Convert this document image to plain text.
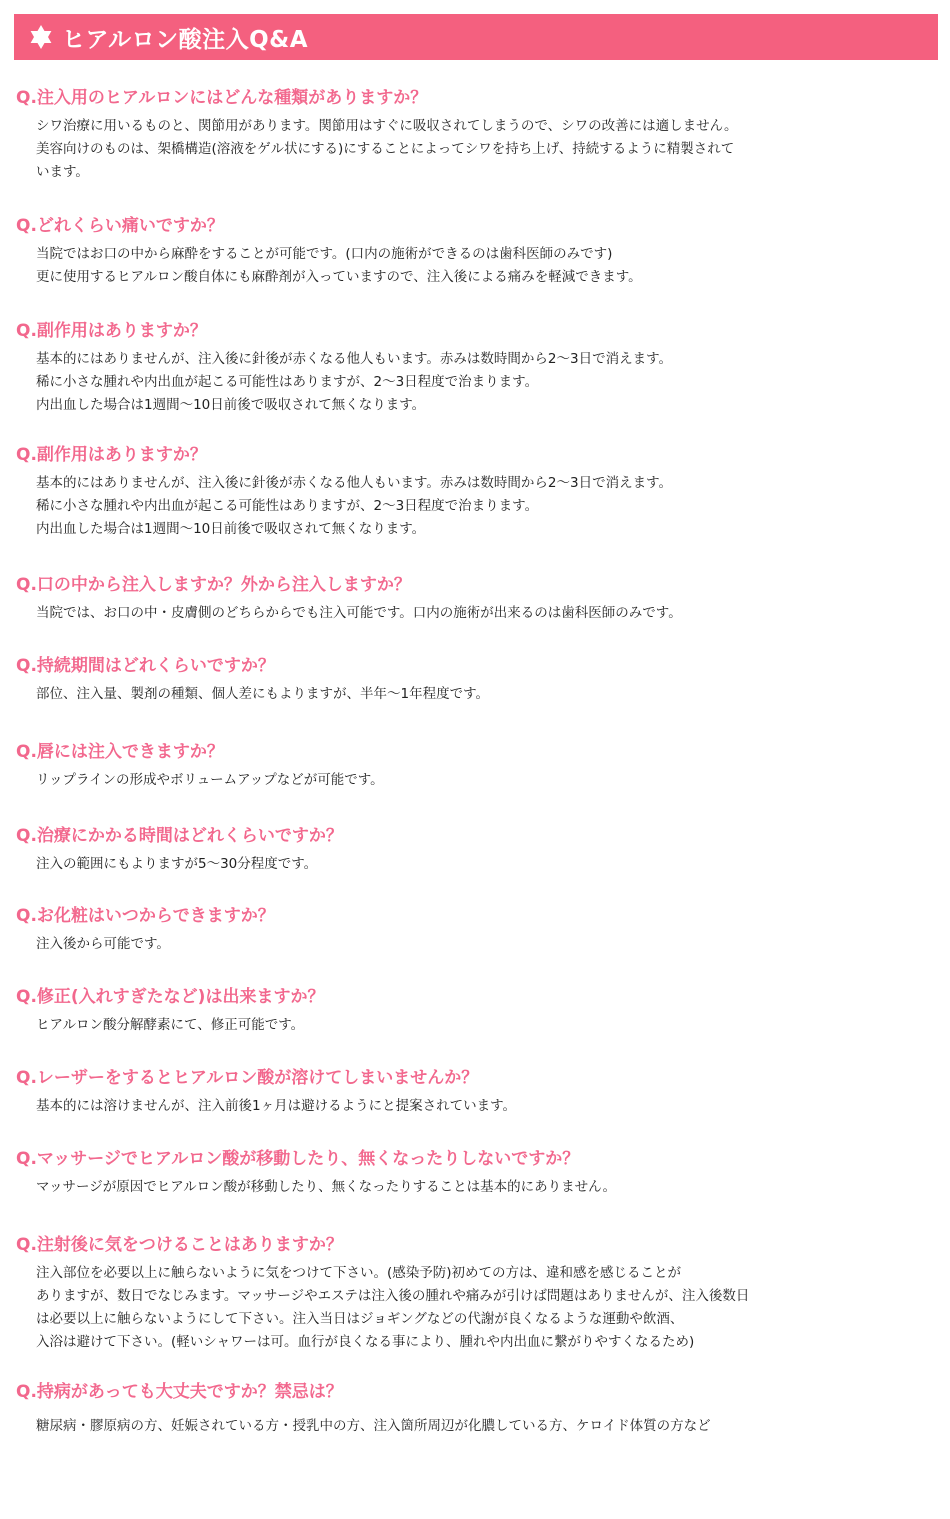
ヒアルロン酸注入Q&A
Q.注入用のヒアルロンにはどんな種類がありますか？

シワ治療に用いるものと、関節用があります。関節用はすぐに吸収されてしまうので、シワの改善には適しません。

美容向けのものは、架橋構造(溶液をゲル状にする)にすることによってシワを持ち上げ、持続するように精製されて

います。

Q.どれくらい痛いですか？

当院ではお口の中から麻酔をすることが可能です。(口内の施術ができるのは歯科医師のみです)

更に使用するヒアルロン酸自体にも麻酔剤が入っていますので、注入後による痛みを軽減できます。

Q.副作用はありますか？

基本的にはありませんが、注入後に針後が赤くなる他人もいます。赤みは数時間から2〜3日で消えます。

稀に小さな腫れや内出血が起こる可能性はありますが、2〜3日程度で治まります。

内出血した場合は1週間〜10日前後で吸収されて無くなります。

Q.副作用はありますか？

基本的にはありませんが、注入後に針後が赤くなる他人もいます。赤みは数時間から2〜3日で消えます。

稀に小さな腫れや内出血が起こる可能性はありますが、2〜3日程度で治まります。

内出血した場合は1週間〜10日前後で吸収されて無くなります。

Q.口の中から注入しますか？外から注入しますか？

当院では、お口の中・皮膚側のどちらからでも注入可能です。口内の施術が出来るのは歯科医師のみです。

Q.持続期間はどれくらいですか？

部位、注入量、製剤の種類、個人差にもよりますが、半年〜1年程度です。

Q.唇には注入できますか？

リップラインの形成やボリュームアップなどが可能です。

Q.治療にかかる時間はどれくらいですか？

注入の範囲にもよりますが5〜30分程度です。

Q.お化粧はいつからできますか？

注入後から可能です。

Q.修正(入れすぎたなど)は出来ますか？

ヒアルロン酸分解酵素にて、修正可能です。

Q.レーザーをするとヒアルロン酸が溶けてしまいませんか？

基本的には溶けませんが、注入前後1ヶ月は避けるようにと提案されています。

Q.マッサージでヒアルロン酸が移動したり、無くなったりしないですか？

マッサージが原因でヒアルロン酸が移動したり、無くなったりすることは基本的にありません。

Q.注射後に気をつけることはありますか？

注入部位を必要以上に触らないように気をつけて下さい。(感染予防)初めての方は、違和感を感じることが

ありますが、数日でなじみます。マッサージやエステは注入後の腫れや痛みが引けば問題はありませんが、注入後数日

は必要以上に触らないようにして下さい。注入当日はジョギングなどの代謝が良くなるような運動や飲酒、

入浴は避けて下さい。(軽いシャワーは可。血行が良くなる事により、腫れや内出血に繋がりやすくなるため)

Q.持病があっても大丈夫ですか？禁忌は？

糖尿病・膠原病の方、妊娠されている方・授乳中の方、注入箇所周辺が化膿している方、ケロイド体質の方など
